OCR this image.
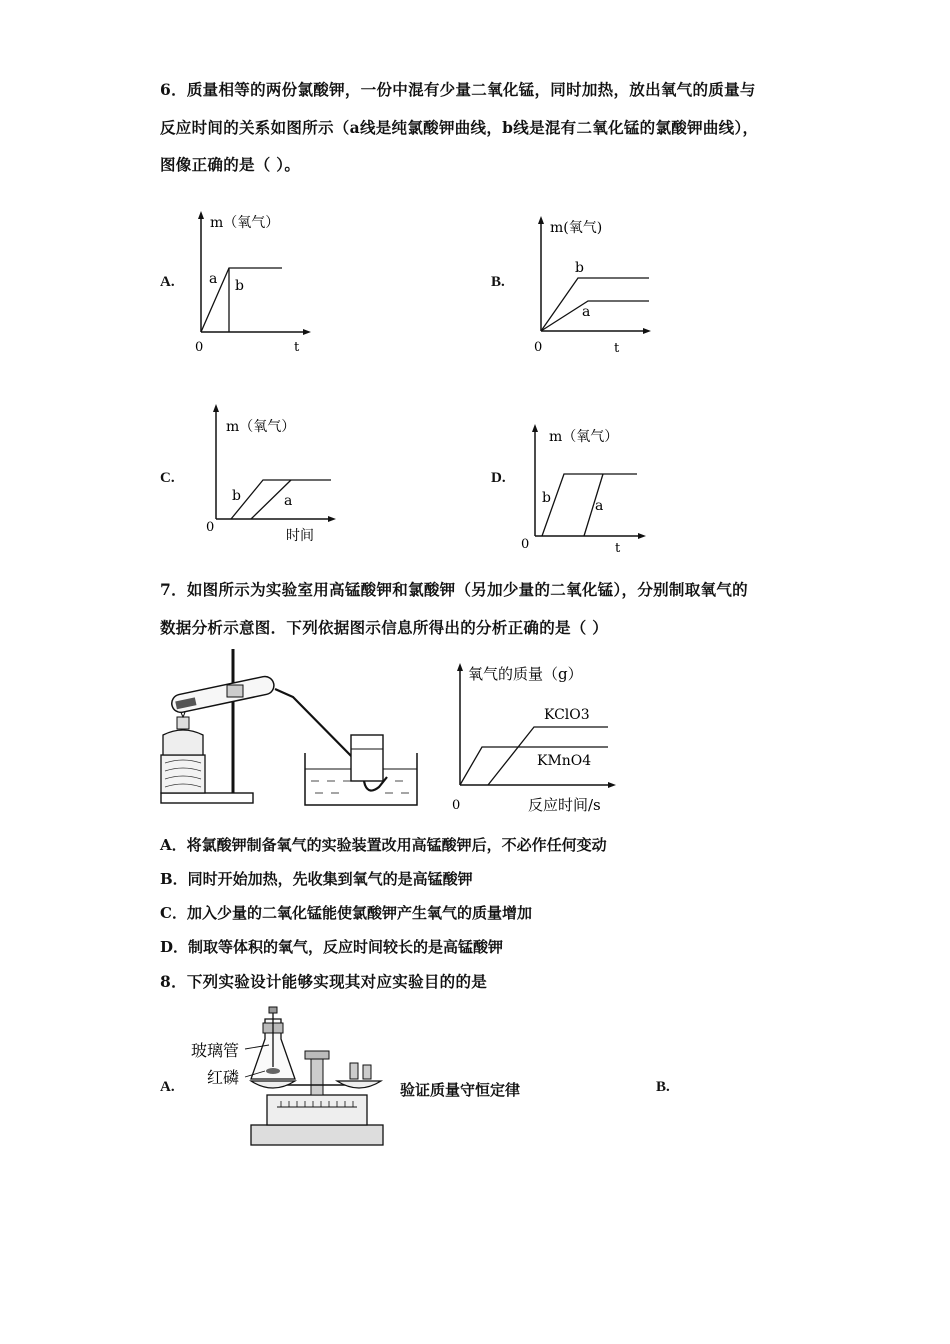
6．质量相等的两份氯酸钾，一份中混有少量二氧化锰，同时加热，放出氧气的质量与
反应时间的关系如图所示（a线是纯氯酸钾曲线，b线是混有二氧化锰的氯酸钾曲线），
图像正确的是（ ）。
A.
m（氧气）
a b
0	t
B.
m(氧气)
b
a
0	t
C.
m（氧气）
b	a
0
时间
D.
m（氧气）
b	a
0	t
7．如图所示为实验室用高锰酸钾和氯酸钾（另加少量的二氧化锰），分别制取氧气的
数据分析示意图．下列依据图示信息所得出的分析正确的是（ ）
氧气的质量（g）
KClO3
KMnO4
0	反应时间/s
A．将氯酸钾制备氧气的实验装置改用高锰酸钾后，不必作任何变动
B．同时开始加热，先收集到氧气的是高锰酸钾
C．加入少量的二氧化锰能使氯酸钾产生氧气的质量增加
D．制取等体积的氧气，反应时间较长的是高锰酸钾
8．下列实验设计能够实现其对应实验目的的是
A.
玻璃管
红磷
验证质量守恒定律	B.
